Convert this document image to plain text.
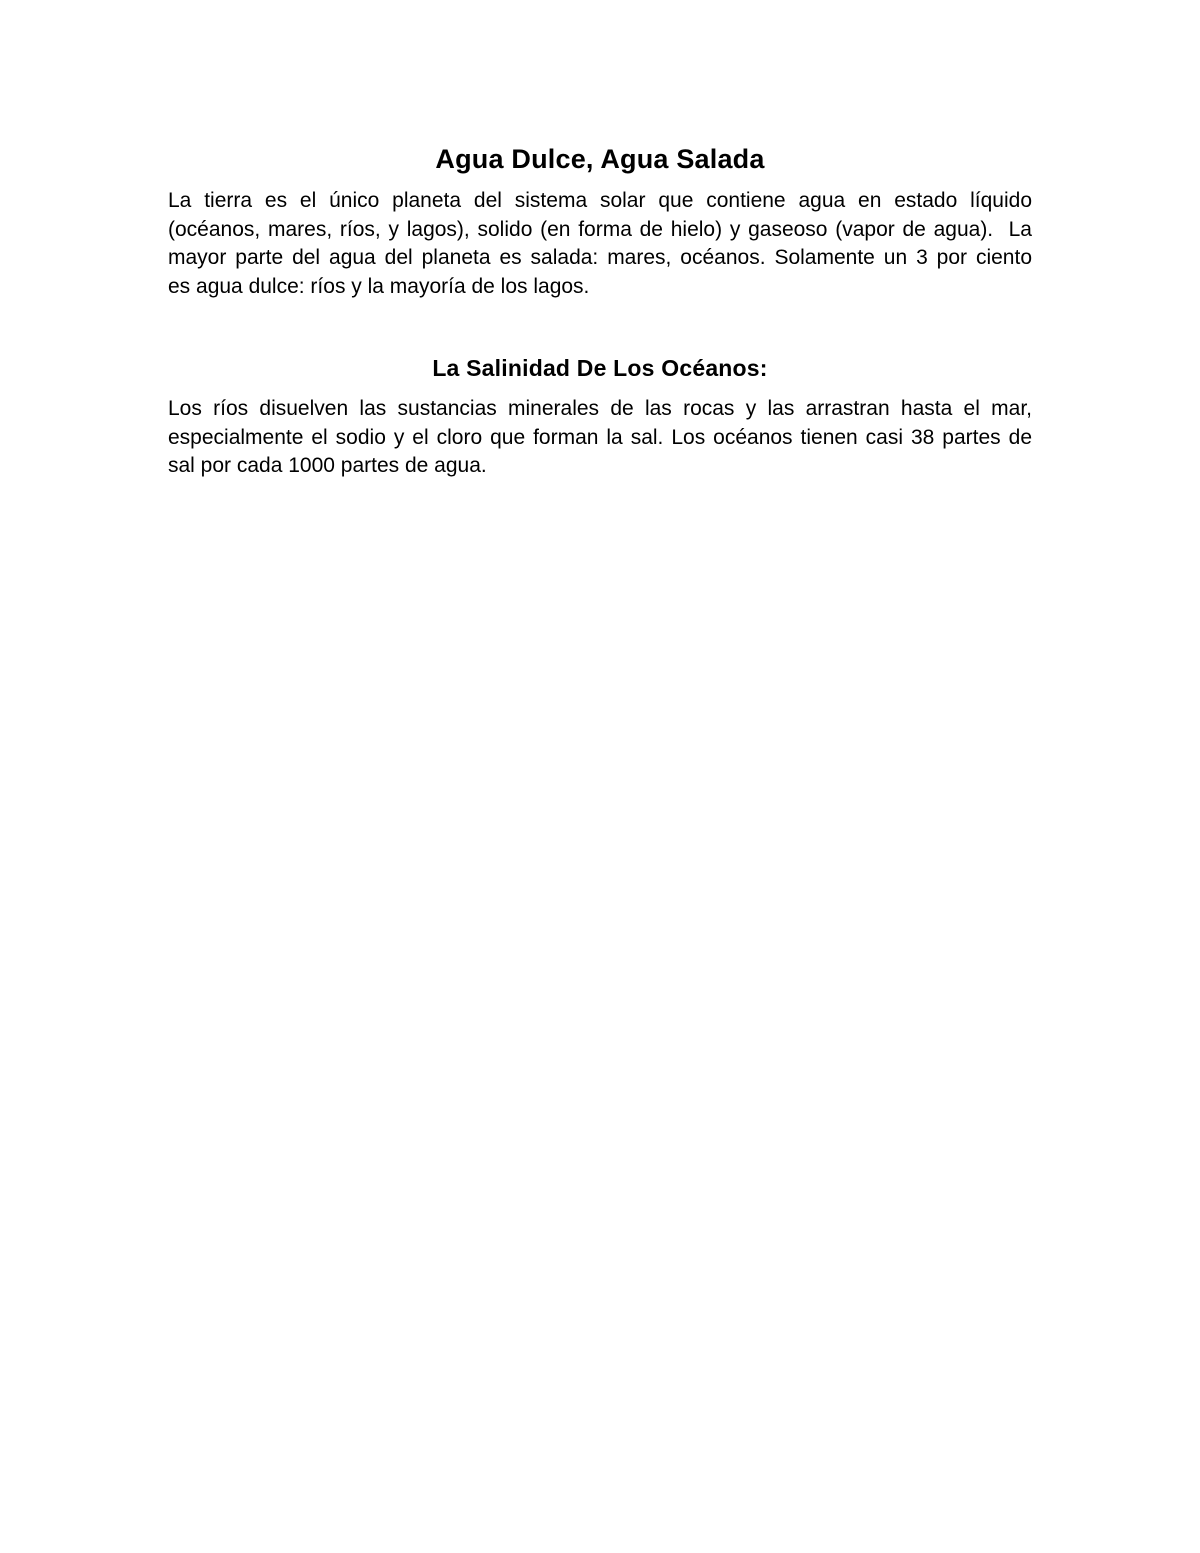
Agua Dulce, Agua Salada
La tierra es el único planeta del sistema solar que contiene agua en estado líquido
(océanos, mares, ríos, y lagos), solido (en forma de hielo) y gaseoso (vapor de agua).  La
mayor parte del agua del planeta es salada: mares, océanos. Solamente un 3 por ciento
es agua dulce: ríos y la mayoría de los lagos.
La Salinidad De Los Océanos:
Los ríos disuelven las sustancias minerales de las rocas y las arrastran hasta el mar,
especialmente el sodio y el cloro que forman la sal. Los océanos tienen casi 38 partes de
sal por cada 1000 partes de agua.
